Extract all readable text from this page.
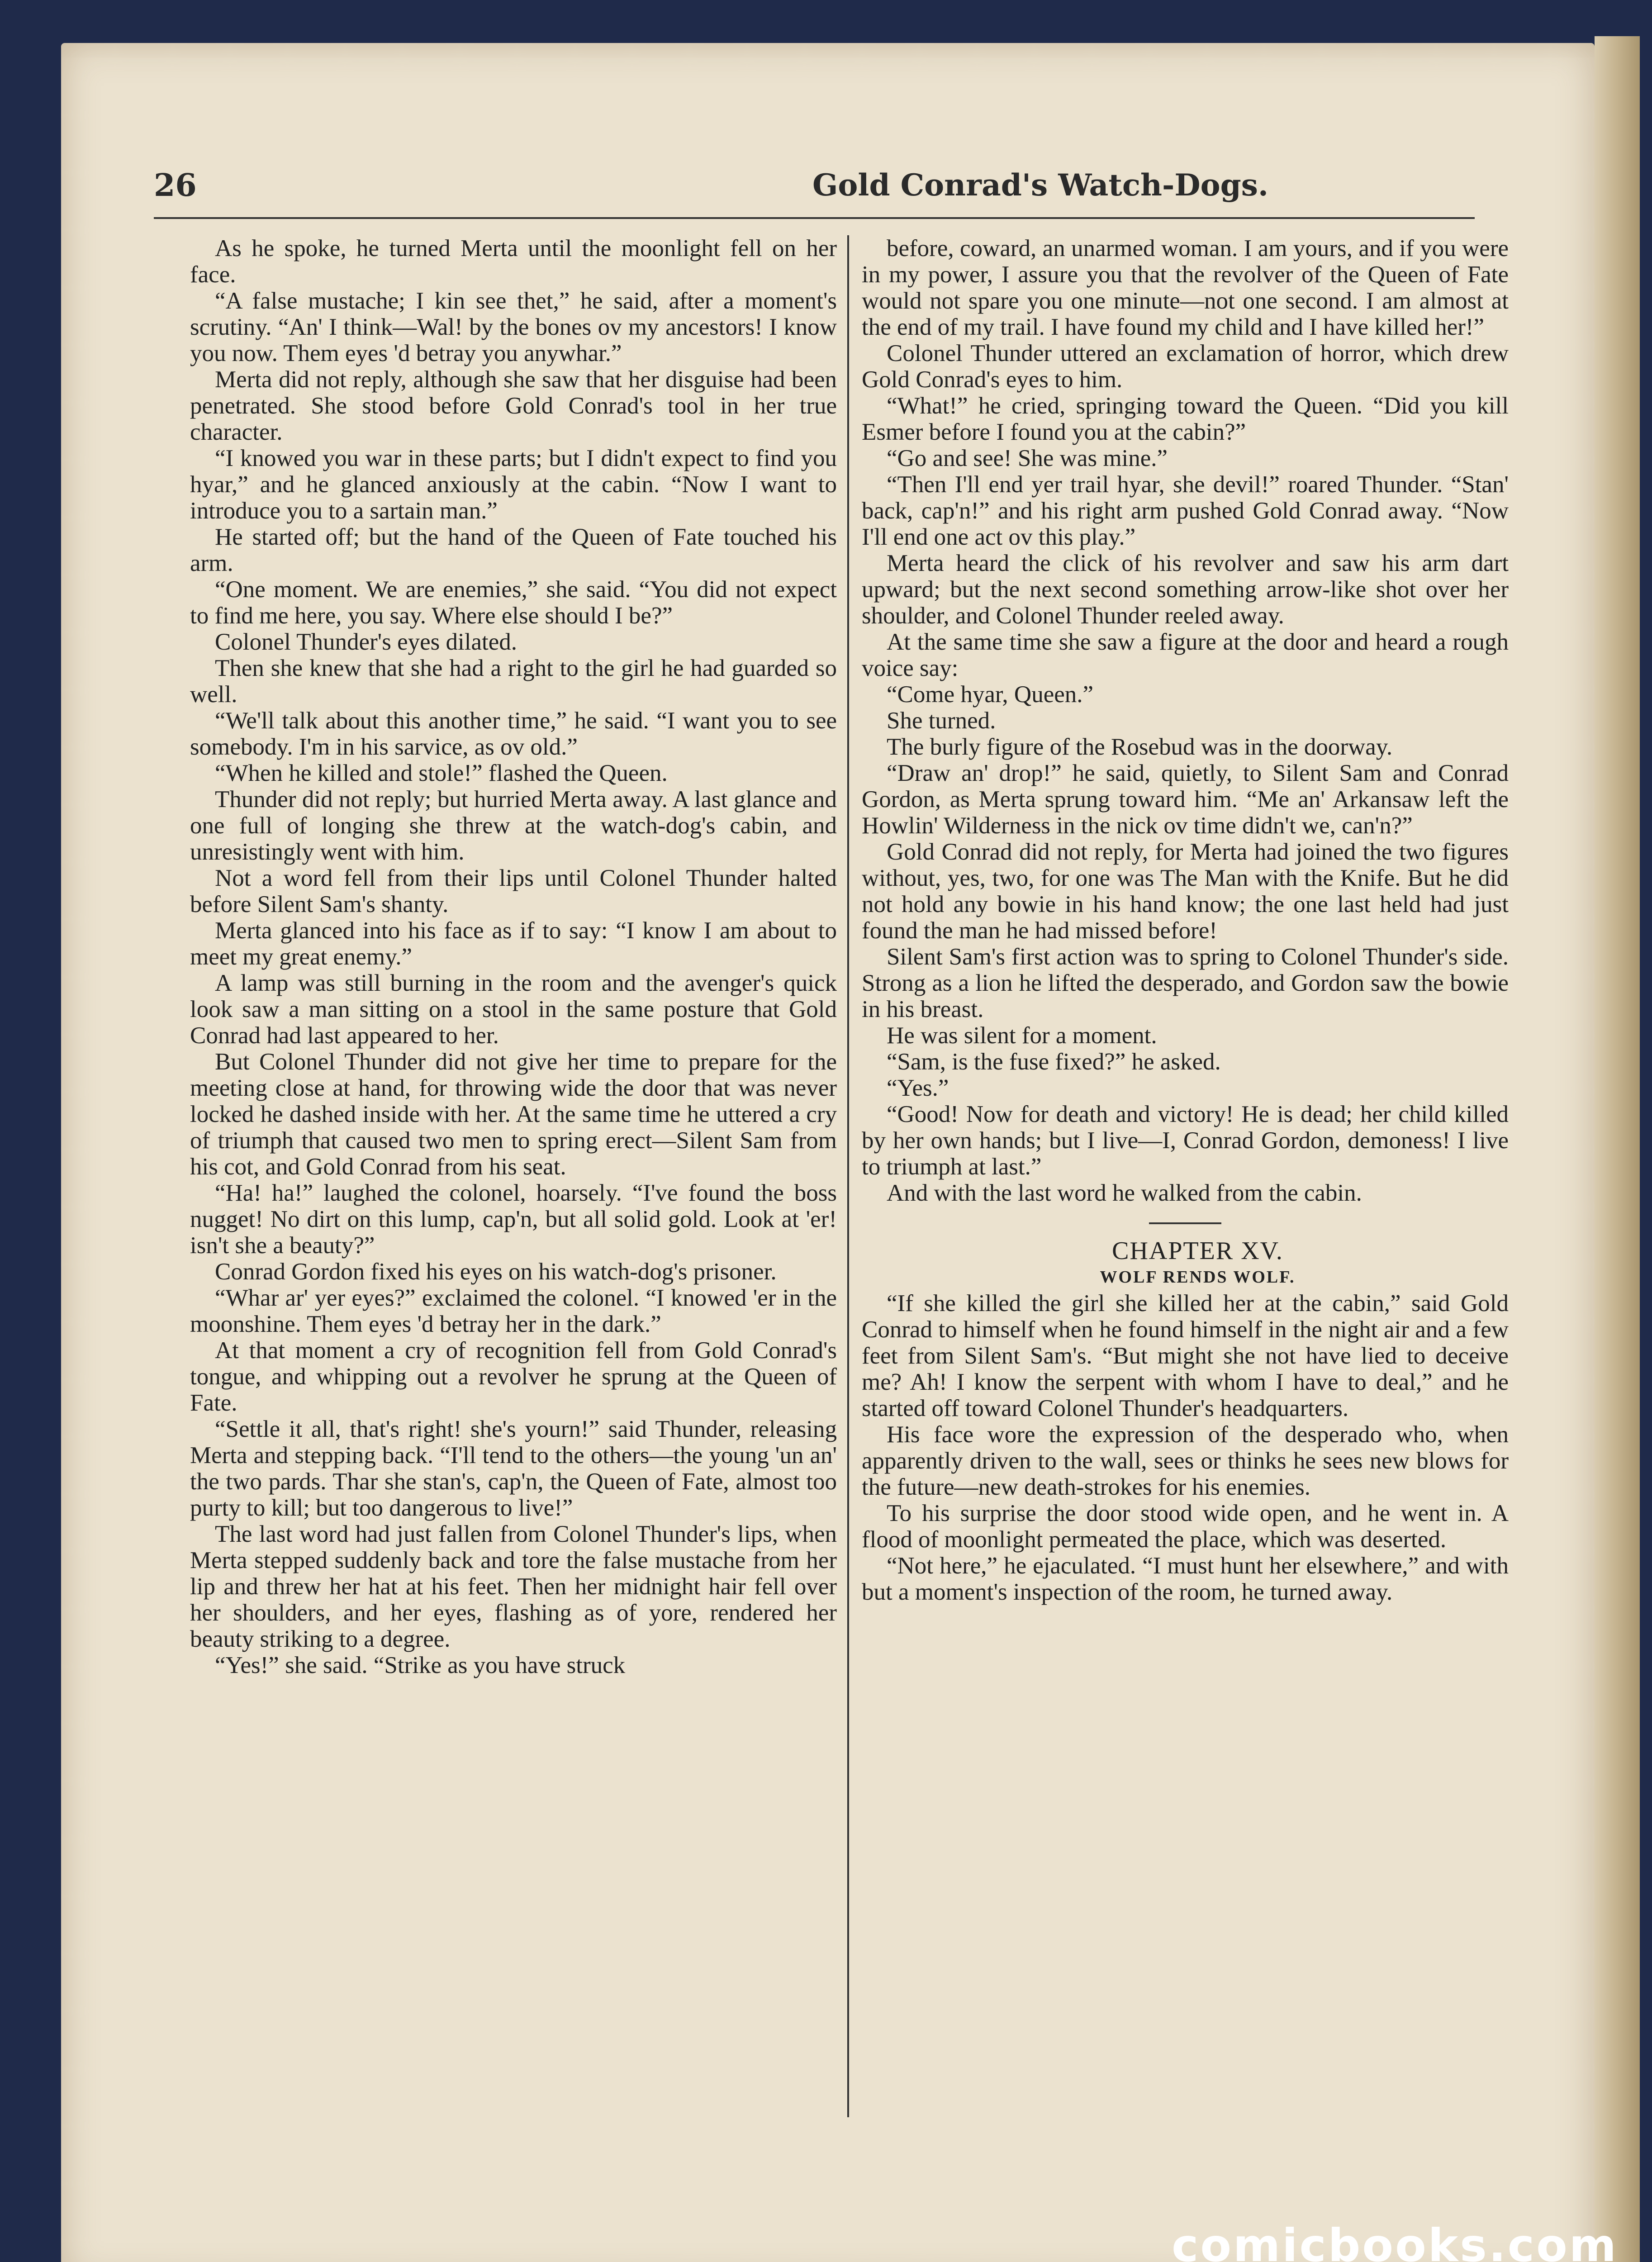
26	Gold Conrad's Watch-Dogs.

As he spoke, he turned Merta until the moonlight fell on her face.

“A false mustache; I kin see thet,” he said, after a moment's scrutiny. “An' I think—Wal! by the bones ov my ancestors! I know you now. Them eyes 'd betray you anywhar.”

Merta did not reply, although she saw that her disguise had been penetrated. She stood before Gold Conrad's tool in her true character.

“I knowed you war in these parts; but I didn't expect to find you hyar,” and he glanced anxiously at the cabin. “Now I want to introduce you to a sartain man.”

He started off; but the hand of the Queen of Fate touched his arm.

“One moment. We are enemies,” she said. “You did not expect to find me here, you say. Where else should I be?”

Colonel Thunder's eyes dilated.

Then she knew that she had a right to the girl he had guarded so well.

“We'll talk about this another time,” he said. “I want you to see somebody. I'm in his sarvice, as ov old.”

“When he killed and stole!” flashed the Queen.

Thunder did not reply; but hurried Merta away. A last glance and one full of longing she threw at the watch-dog's cabin, and unresistingly went with him.

Not a word fell from their lips until Colonel Thunder halted before Silent Sam's shanty.

Merta glanced into his face as if to say: “I know I am about to meet my great enemy.”

A lamp was still burning in the room and the avenger's quick look saw a man sitting on a stool in the same posture that Gold Conrad had last appeared to her.

But Colonel Thunder did not give her time to prepare for the meeting close at hand, for throwing wide the door that was never locked he dashed inside with her. At the same time he uttered a cry of triumph that caused two men to spring erect—Silent Sam from his cot, and Gold Conrad from his seat.

“Ha! ha!” laughed the colonel, hoarsely. “I've found the boss nugget! No dirt on this lump, cap'n, but all solid gold. Look at 'er! isn't she a beauty?”

Conrad Gordon fixed his eyes on his watch-dog's prisoner.

“Whar ar' yer eyes?” exclaimed the colonel. “I knowed 'er in the moonshine. Them eyes 'd betray her in the dark.”

At that moment a cry of recognition fell from Gold Conrad's tongue, and whipping out a revolver he sprung at the Queen of Fate.

“Settle it all, that's right! she's yourn!” said Thunder, releasing Merta and stepping back. “I'll tend to the others—the young 'un an' the two pards. Thar she stan's, cap'n, the Queen of Fate, almost too purty to kill; but too dangerous to live!”

The last word had just fallen from Colonel Thunder's lips, when Merta stepped suddenly back and tore the false mustache from her lip and threw her hat at his feet. Then her midnight hair fell over her shoulders, and her eyes, flashing as of yore, rendered her beauty striking to a degree.

“Yes!” she said. “Strike as you have struck

before, coward, an unarmed woman. I am yours, and if you were in my power, I assure you that the revolver of the Queen of Fate would not spare you one minute—not one second. I am almost at the end of my trail. I have found my child and I have killed her!”

Colonel Thunder uttered an exclamation of horror, which drew Gold Conrad's eyes to him.

“What!” he cried, springing toward the Queen. “Did you kill Esmer before I found you at the cabin?”

“Go and see! She was mine.”

“Then I'll end yer trail hyar, she devil!” roared Thunder. “Stan' back, cap'n!” and his right arm pushed Gold Conrad away. “Now I'll end one act ov this play.”

Merta heard the click of his revolver and saw his arm dart upward; but the next second something arrow-like shot over her shoulder, and Colonel Thunder reeled away.

At the same time she saw a figure at the door and heard a rough voice say:

“Come hyar, Queen.”

She turned.

The burly figure of the Rosebud was in the doorway.

“Draw an' drop!” he said, quietly, to Silent Sam and Conrad Gordon, as Merta sprung toward him. “Me an' Arkansaw left the Howlin' Wilderness in the nick ov time didn't we, can'n?”

Gold Conrad did not reply, for Merta had joined the two figures without, yes, two, for one was The Man with the Knife. But he did not hold any bowie in his hand know; the one last held had just found the man he had missed before!

Silent Sam's first action was to spring to Colonel Thunder's side. Strong as a lion he lifted the desperado, and Gordon saw the bowie in his breast.

He was silent for a moment.

“Sam, is the fuse fixed?” he asked.

“Yes.”

“Good! Now for death and victory! He is dead; her child killed by her own hands; but I live—I, Conrad Gordon, demoness! I live to triumph at last.”

And with the last word he walked from the cabin.

CHAPTER XV.

WOLF RENDS WOLF.

“If she killed the girl she killed her at the cabin,” said Gold Conrad to himself when he found himself in the night air and a few feet from Silent Sam's. “But might she not have lied to deceive me? Ah! I know the serpent with whom I have to deal,” and he started off toward Colonel Thunder's headquarters.

His face wore the expression of the desperado who, when apparently driven to the wall, sees or thinks he sees new blows for the future—new death-strokes for his enemies.

To his surprise the door stood wide open, and he went in. A flood of moonlight permeated the place, which was deserted.

“Not here,” he ejaculated. “I must hunt her elsewhere,” and with but a moment's inspection of the room, he turned away.

comicbooks.com
